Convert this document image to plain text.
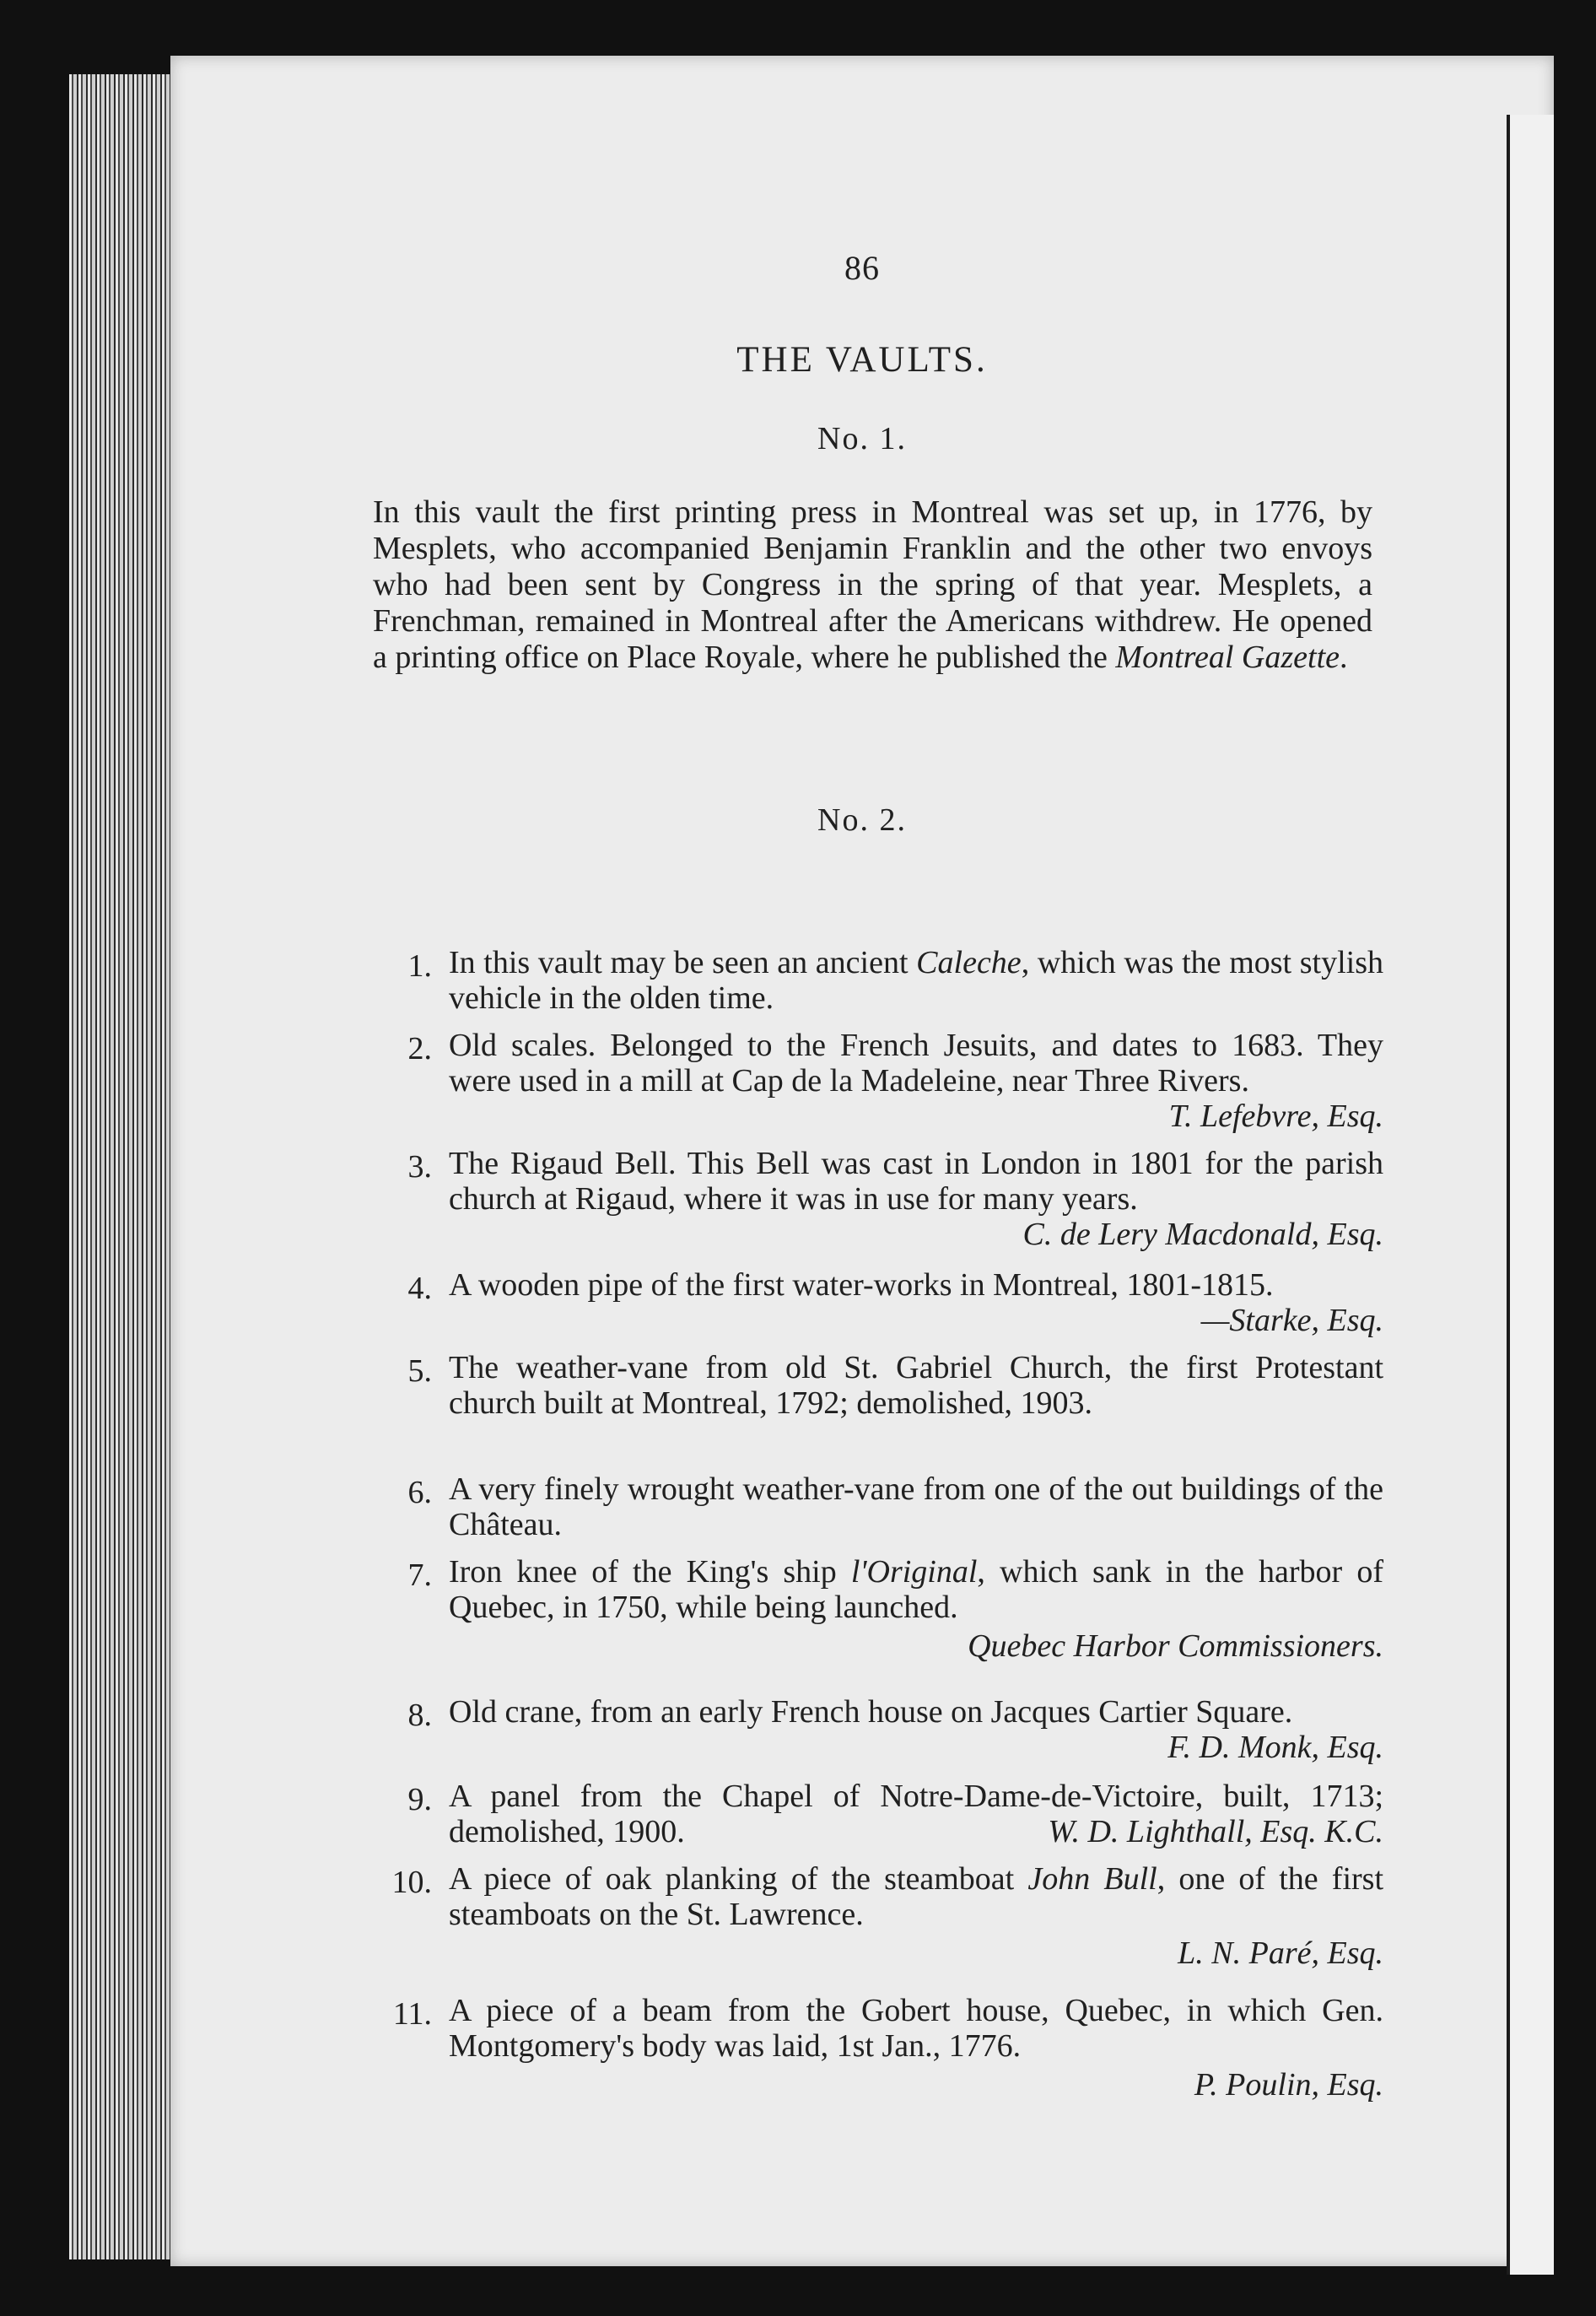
86
THE VAULTS.
No. 1.
In this vault the first printing press in Montreal was set up, in 1776, by Mesplets, who accompanied Benjamin Franklin and the other two envoys who had been sent by Congress in the spring of that year. Mesplets, a Frenchman, remained in Montreal after the Americans withdrew. He opened a printing office on Place Royale, where he published the Montreal Gazette.
No. 2.
1. In this vault may be seen an ancient Caleche, which was the most stylish vehicle in the olden time.
2. Old scales. Belonged to the French Jesuits, and dates to 1683. They were used in a mill at Cap de la Madeleine, near Three Rivers.
T. Lefebvre, Esq.
3. The Rigaud Bell. This Bell was cast in London in 1801 for the parish church at Rigaud, where it was in use for many years.
C. de Lery Macdonald, Esq.
4. A wooden pipe of the first water-works in Montreal, 1801-1815.
—Starke, Esq.
5. The weather-vane from old St. Gabriel Church, the first Protestant church built at Montreal, 1792; demolished, 1903.
6. A very finely wrought weather-vane from one of the out buildings of the Château.
7. Iron knee of the King's ship l'Original, which sank in the harbor of Quebec, in 1750, while being launched.
Quebec Harbor Commissioners.
8. Old crane, from an early French house on Jacques Cartier Square.
F. D. Monk, Esq.
9. A panel from the Chapel of Notre-Dame-de-Victoire, built, 1713; demolished, 1900.	W. D. Lighthall, Esq. K.C.
10. A piece of oak planking of the steamboat John Bull, one of the first steamboats on the St. Lawrence.
L. N. Paré, Esq.
11. A piece of a beam from the Gobert house, Quebec, in which Gen. Montgomery's body was laid, 1st Jan., 1776.
P. Poulin, Esq.
